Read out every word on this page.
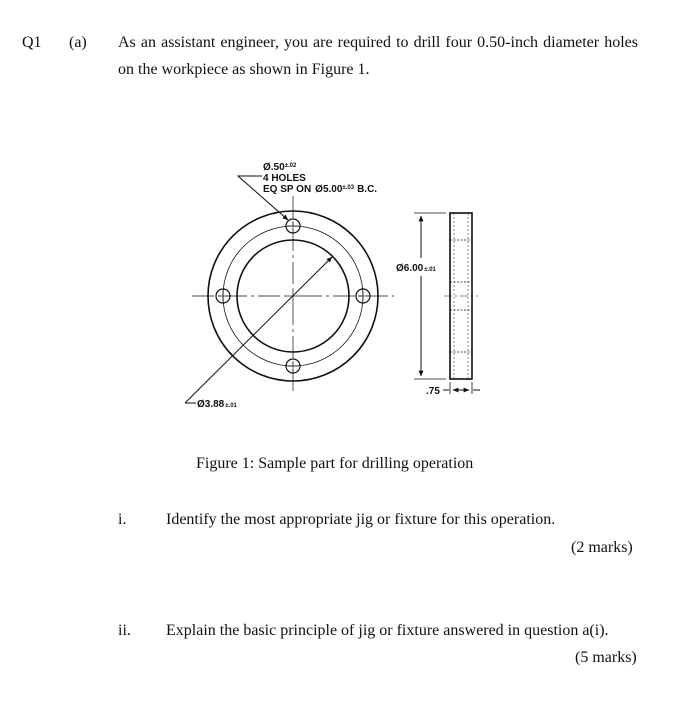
Q1 (a) As an assistant engineer, you are required to drill four 0.50-inch diameter holes
on the workpiece as shown in Figure 1.
$Ø.50^{\pm.02}$
4 HOLES
EQ SP ON $Ø5.00^{\pm.03}$ B.C.
Ø6.00±.01
Ø3.88±.01
.75
Figure 1: Sample part for drilling operation
i. Identify the most appropriate jig or fixture for this operation.
(2 marks)
ii. Explain the basic principle of jig or fixture answered in question a(i).
(5 marks)
